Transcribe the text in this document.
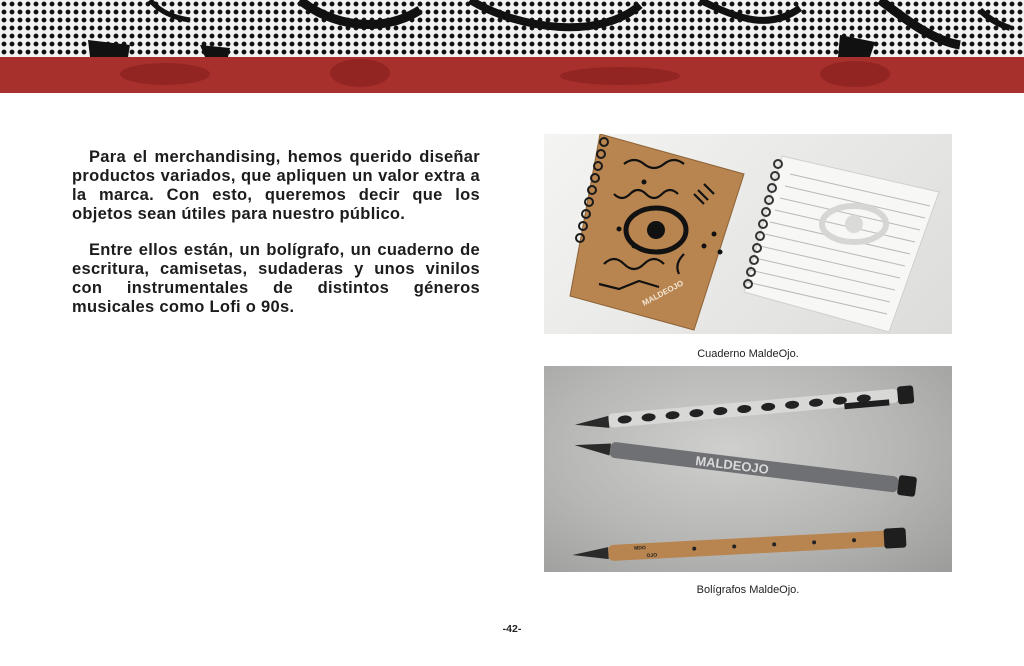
Para el merchandising, hemos querido diseñar productos variados, que apliquen un valor extra a la marca. Con esto, queremos decir que los objetos sean útiles para nuestro público.

Entre ellos están, un bolígrafo, un cuaderno de escritura, camisetas, sudaderas y unos vinilos con instrumentales de distintos géneros musicales como Lofi o 90s.	MALDEOJO
Cuaderno MaldeOjo.
MALDEOJO
MDO
OJO
Bolígrafos MaldeOjo.
-42-
